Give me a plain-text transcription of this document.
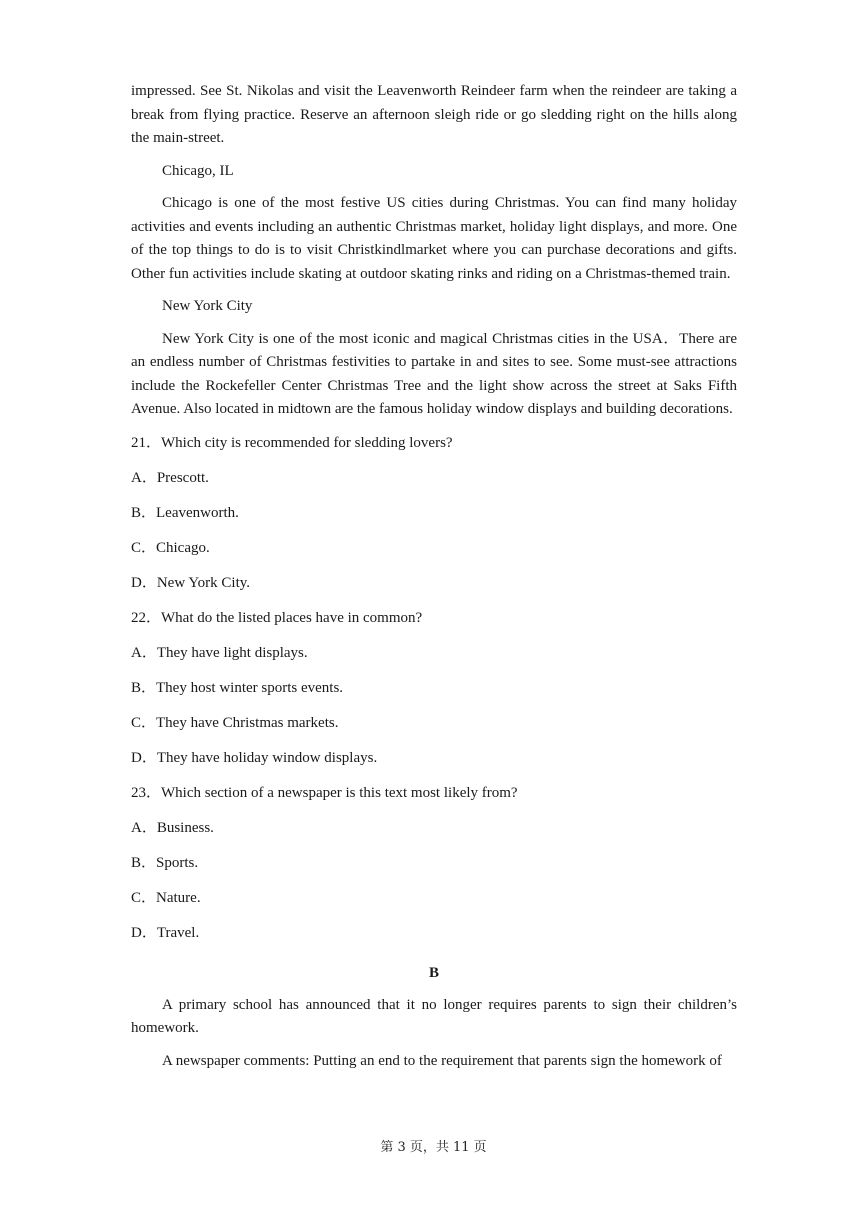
impressed. See St. Nikolas and visit the Leavenworth Reindeer farm when the reindeer are taking a break from flying practice. Reserve an afternoon sleigh ride or go sledding right on the hills along the main-street.

Chicago, IL

Chicago is one of the most festive US cities during Christmas. You can find many holiday activities and events including an authentic Christmas market, holiday light displays, and more. One of the top things to do is to visit Christkindlmarket where you can purchase decorations and gifts. Other fun activities include skating at outdoor skating rinks and riding on a Christmas-themed train.

New York City

New York City is one of the most iconic and magical Christmas cities in the USA．There are an endless number of Christmas festivities to partake in and sites to see. Some must-see attractions include the Rockefeller Center Christmas Tree and the light show across the street at Saks Fifth Avenue. Also located in midtown are the famous holiday window displays and building decorations.

21．Which city is recommended for sledding lovers?

A．Prescott.

B．Leavenworth.

C．Chicago.

D．New York City.

22．What do the listed places have in common?

A．They have light displays.

B．They host winter sports events.

C．They have Christmas markets.

D．They have holiday window displays.

23．Which section of a newspaper is this text most likely from?

A．Business.

B．Sports.

C．Nature.

D．Travel.

B

A primary school has announced that it no longer requires parents to sign their children’s homework.

A newspaper comments: Putting an end to the requirement that parents sign the homework of

第 3 页，共 11 页
